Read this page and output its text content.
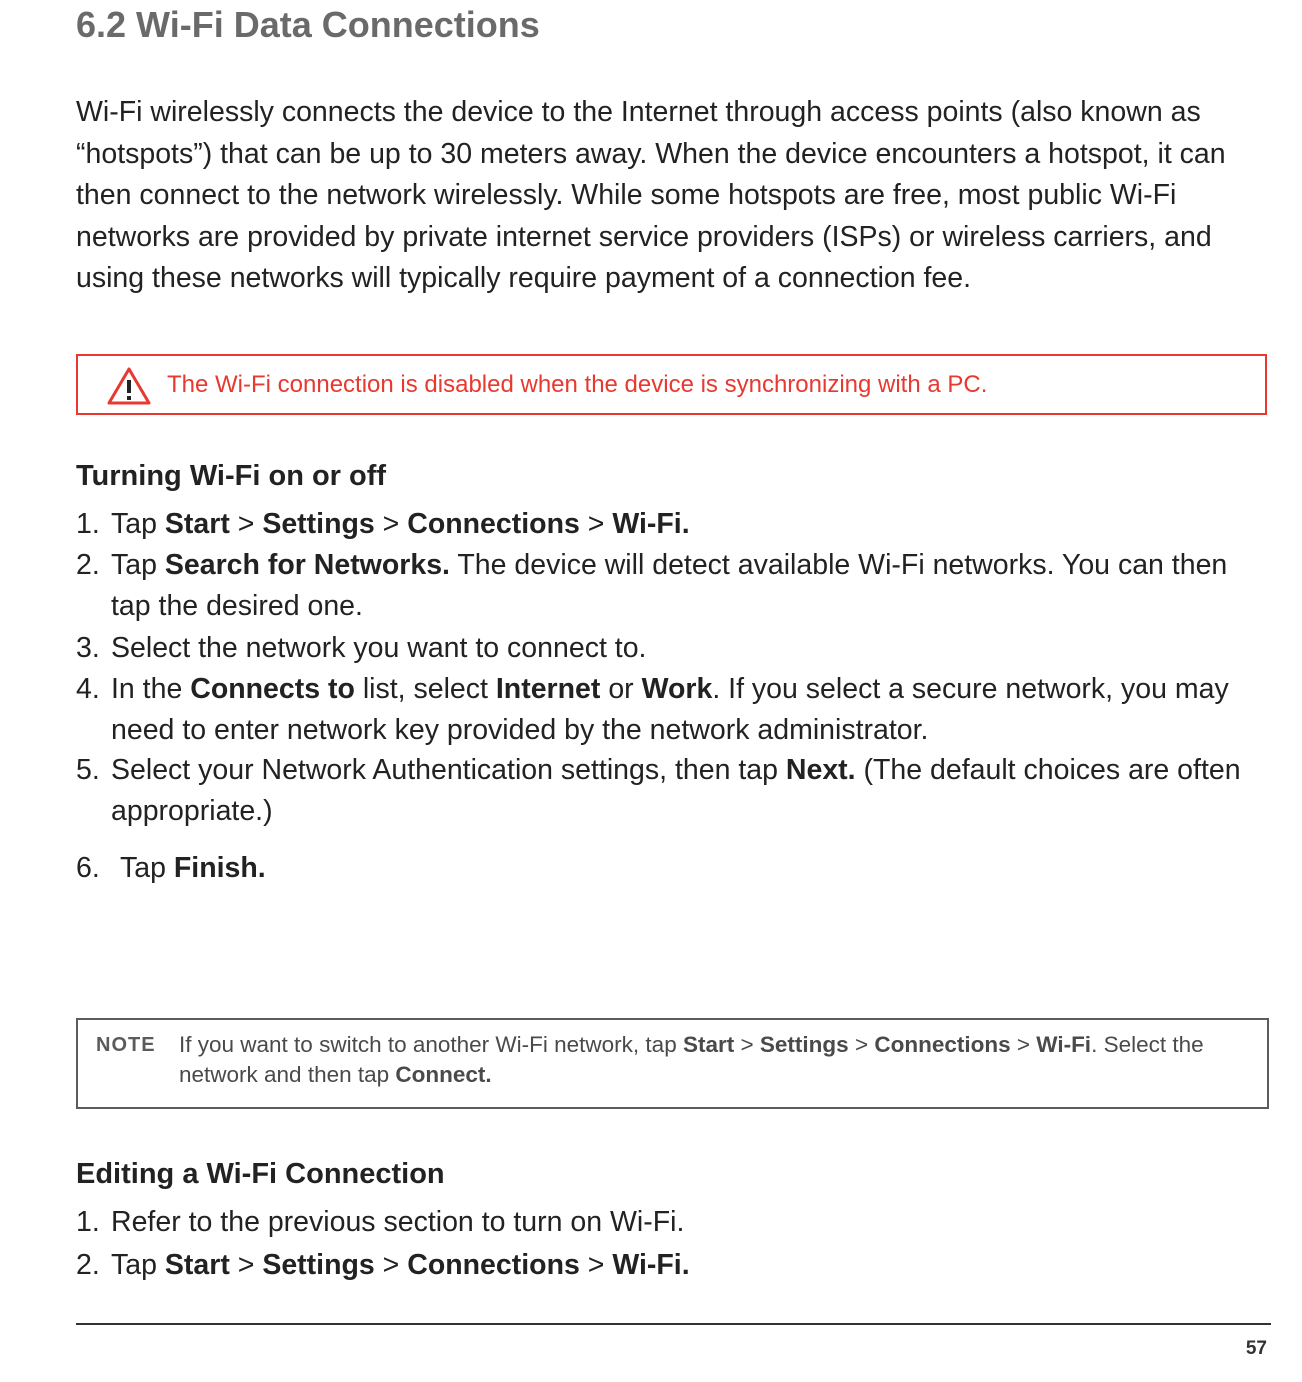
6.2 Wi-Fi Data Connections

Wi-Fi wirelessly connects the device to the Internet through access points (also known as “hotspots”) that can be up to 30 meters away. When the device encounters a hotspot, it can then connect to the network wirelessly. While some hotspots are free, most public Wi-Fi networks are provided by private internet service providers (ISPs) or wireless carriers, and using these networks will typically require payment of a connection fee.

The Wi-Fi connection is disabled when the device is synchronizing with a PC.
Turning Wi-Fi on or off
1. Tap Start > Settings > Connections > Wi-Fi.
2. Tap Search for Networks. The device will detect available Wi-Fi networks. You can then tap the desired one.
3. Select the network you want to connect to.
4. In the Connects to list, select Internet or Work. If you select a secure network, you may need to enter network key provided by the network administrator.
5. Select your Network Authentication settings, then tap Next. (The default choices are often appropriate.)
6. Tap Finish.
NOTE If you want to switch to another Wi-Fi network, tap Start > Settings > Connections > Wi-Fi. Select the network and then tap Connect.
Editing a Wi-Fi Connection
1. Refer to the previous section to turn on Wi-Fi.
2. Tap Start > Settings > Connections > Wi-Fi.
57
